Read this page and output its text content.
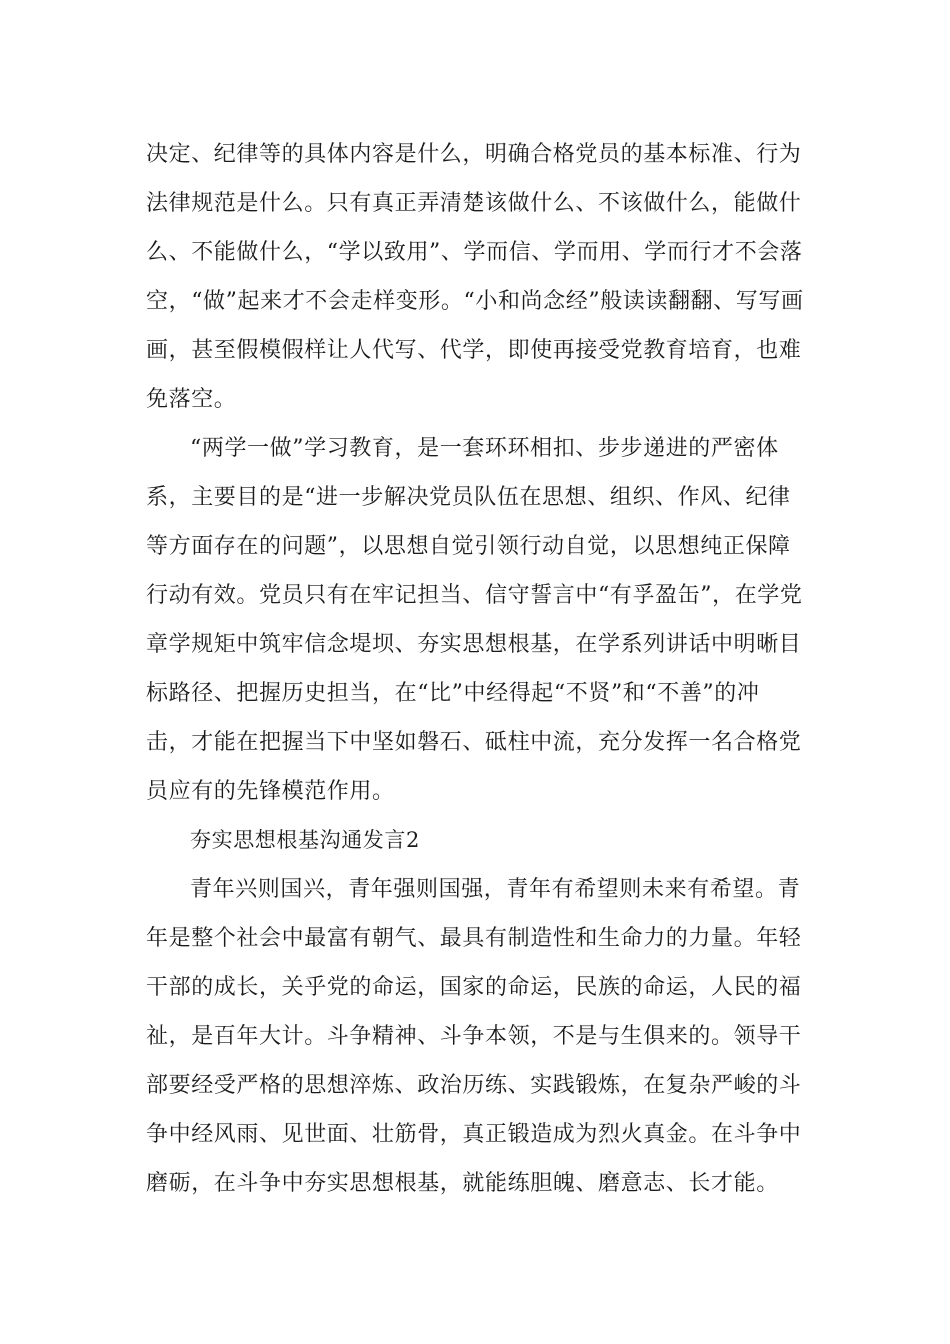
决定、纪律等的具体内容是什么，明确合格党员的基本标准、行为法律规范是什么。只有真正弄清楚该做什么、不该做什么，能做什么、不能做什么，“学以致用”、学而信、学而用、学而行才不会落空，“做”起来才不会走样变形。“小和尚念经”般读读翻翻、写写画画，甚至假模假样让人代写、代学，即使再接受党教育培育，也难免落空。

“两学一做”学习教育，是一套环环相扣、步步递进的严密体系，主要目的是“进一步解决党员队伍在思想、组织、作风、纪律等方面存在的问题”，以思想自觉引领行动自觉，以思想纯正保障行动有效。党员只有在牢记担当、信守誓言中“有孚盈缶”，在学党章学规矩中筑牢信念堤坝、夯实思想根基，在学系列讲话中明晰目标路径、把握历史担当，在“比”中经得起“不贤”和“不善”的冲击，才能在把握当下中坚如磐石、砥柱中流，充分发挥一名合格党员应有的先锋模范作用。

夯实思想根基沟通发言2

青年兴则国兴，青年强则国强，青年有希望则未来有希望。青年是整个社会中最富有朝气、最具有制造性和生命力的力量。年轻干部的成长，关乎党的命运，国家的命运，民族的命运，人民的福祉，是百年大计。斗争精神、斗争本领，不是与生俱来的。领导干部要经受严格的思想淬炼、政治历练、实践锻炼，在复杂严峻的斗争中经风雨、见世面、壮筋骨，真正锻造成为烈火真金。在斗争中磨砺，在斗争中夯实思想根基，就能练胆魄、磨意志、长才能。
